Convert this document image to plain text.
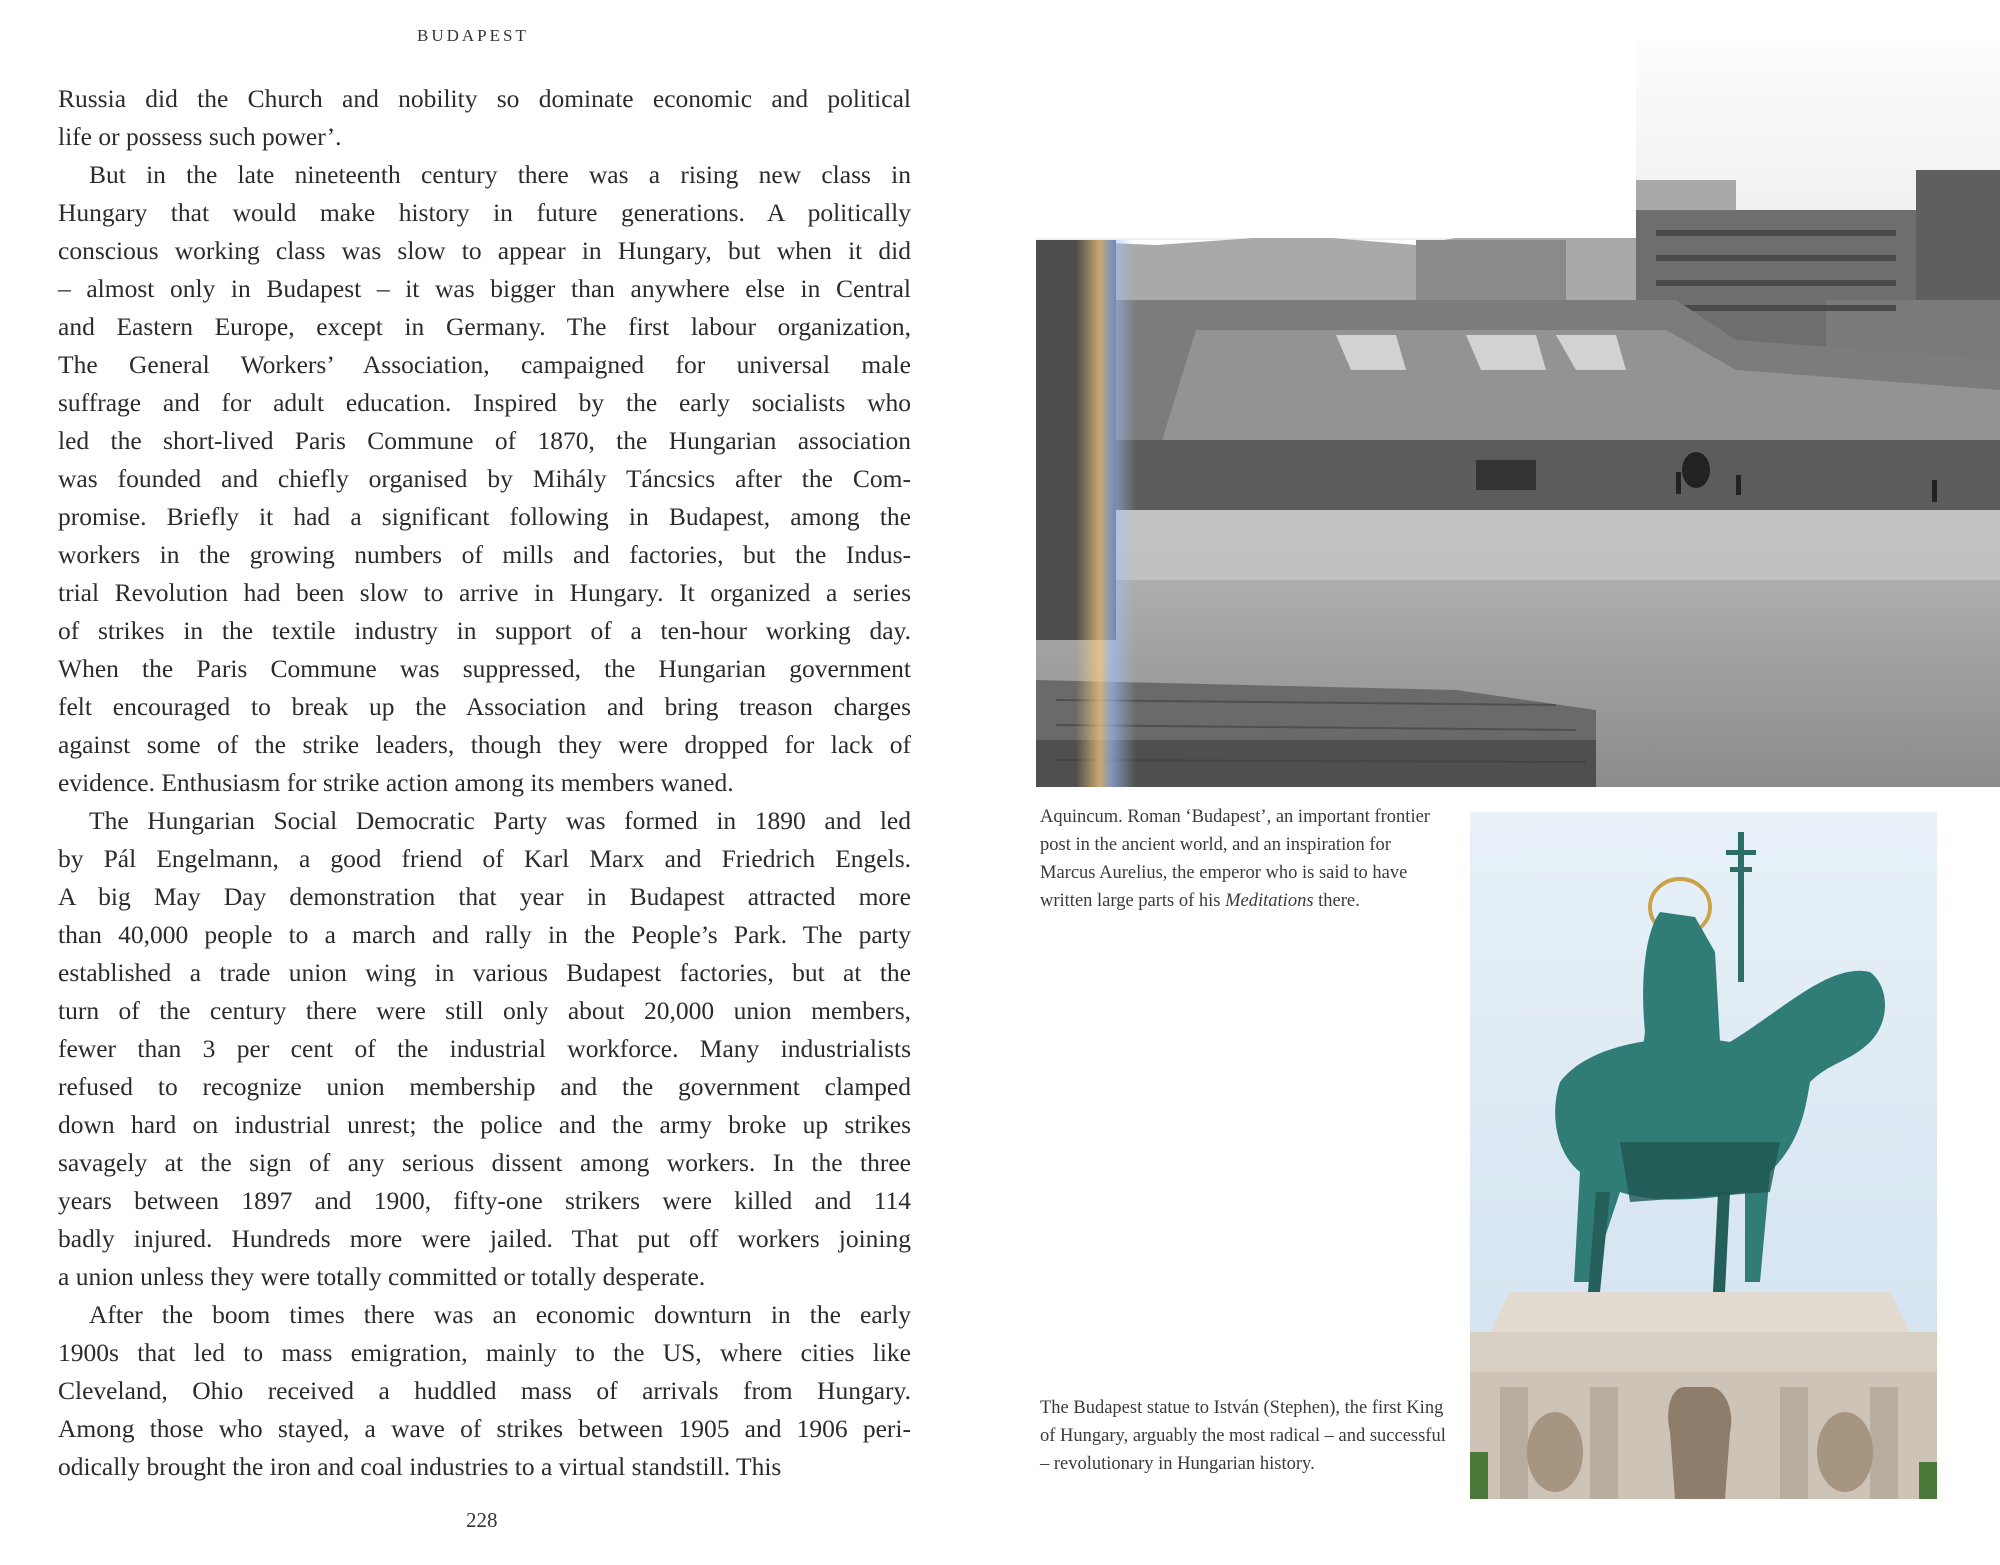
BUDAPEST
Russia did the Church and nobility so dominate economic and political
life or possess such power’.
But in the late nineteenth century there was a rising new class in
Hungary that would make history in future generations. A politically
conscious working class was slow to appear in Hungary, but when it did
– almost only in Budapest – it was bigger than anywhere else in Central
and Eastern Europe, except in Germany. The first labour organization,
The General Workers’ Association, campaigned for universal male
suffrage and for adult education. Inspired by the early socialists who
led the short-lived Paris Commune of 1870, the Hungarian association
was founded and chiefly organised by Mihály Táncsics after the Com-
promise. Briefly it had a significant following in Budapest, among the
workers in the growing numbers of mills and factories, but the Indus-
trial Revolution had been slow to arrive in Hungary. It organized a series
of strikes in the textile industry in support of a ten-hour working day.
When the Paris Commune was suppressed, the Hungarian government
felt encouraged to break up the Association and bring treason charges
against some of the strike leaders, though they were dropped for lack of
evidence. Enthusiasm for strike action among its members waned.
The Hungarian Social Democratic Party was formed in 1890 and led
by Pál Engelmann, a good friend of Karl Marx and Friedrich Engels.
A big May Day demonstration that year in Budapest attracted more
than 40,000 people to a march and rally in the People’s Park. The party
established a trade union wing in various Budapest factories, but at the
turn of the century there were still only about 20,000 union members,
fewer than 3 per cent of the industrial workforce. Many industrialists
refused to recognize union membership and the government clamped
down hard on industrial unrest; the police and the army broke up strikes
savagely at the sign of any serious dissent among workers. In the three
years between 1897 and 1900, fifty-one strikers were killed and 114
badly injured. Hundreds more were jailed. That put off workers joining
a union unless they were totally committed or totally desperate.
After the boom times there was an economic downturn in the early
1900s that led to mass emigration, mainly to the US, where cities like
Cleveland, Ohio received a huddled mass of arrivals from Hungary.
Among those who stayed, a wave of strikes between 1905 and 1906 peri-
odically brought the iron and coal industries to a virtual standstill. This
228
Aquincum. Roman ‘Budapest’, an important frontier post in the ancient world, and an inspiration for Marcus Aurelius, the emperor who is said to have written large parts of his Meditations there.
The Budapest statue to István (Stephen), the first King of Hungary, arguably the most radical – and successful – revolutionary in Hungarian history.
